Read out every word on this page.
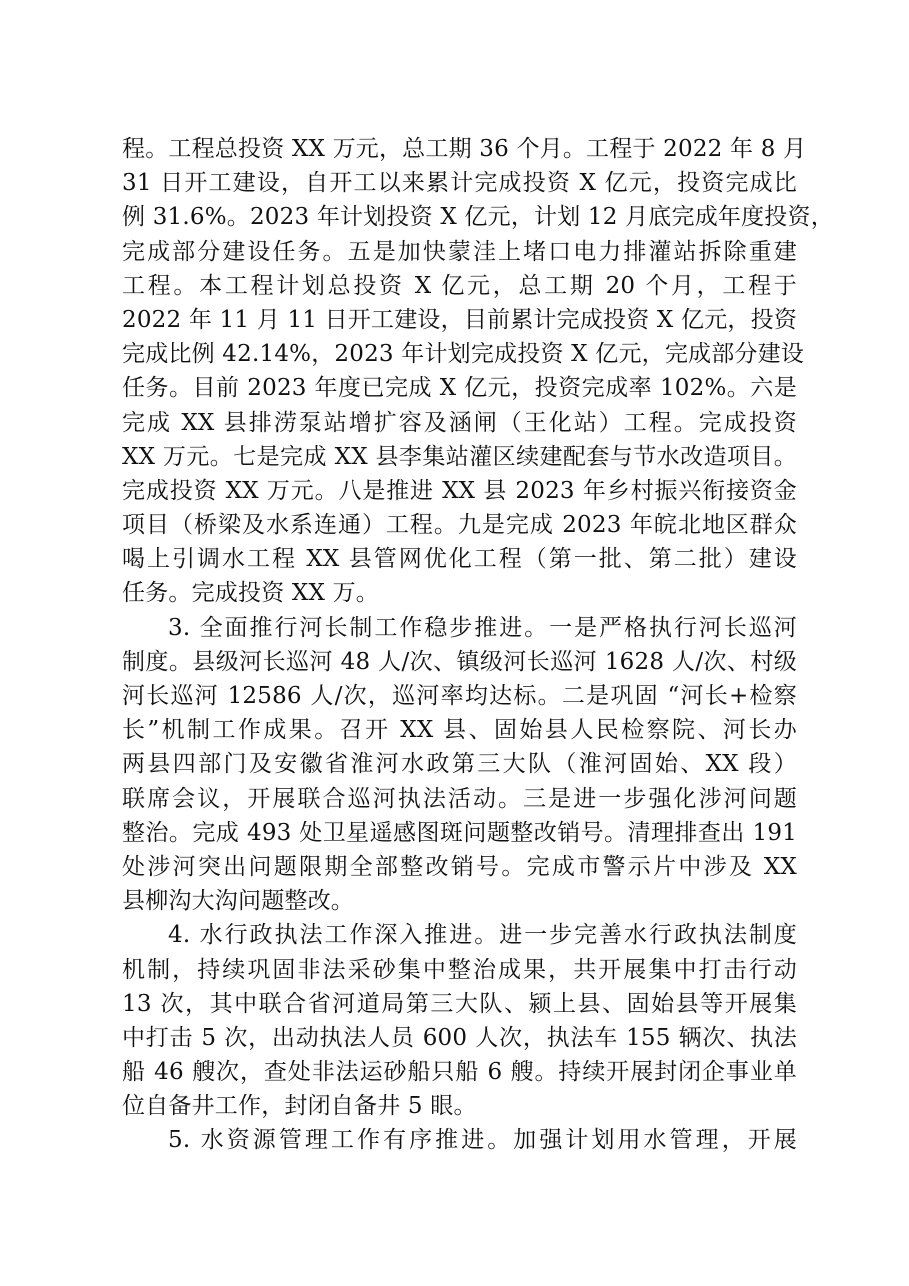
程。工程总投资 XX 万元，总工期 36 个月。工程于 2022 年 8 月
31 日开工建设，自开工以来累计完成投资 X 亿元，投资完成比
例 31.6%。2023 年计划投资 X 亿元，计划 12 月底完成年度投资，
完成部分建设任务。五是加快蒙洼上堵口电力排灌站拆除重建
工程。本工程计划总投资 X 亿元，总工期 20 个月，工程于
2022 年 11 月 11 日开工建设，目前累计完成投资 X 亿元，投资
完成比例 42.14%，2023 年计划完成投资 X 亿元，完成部分建设
任务。目前 2023 年度已完成 X 亿元，投资完成率 102%。六是
完成 XX 县排涝泵站增扩容及涵闸（王化站）工程。完成投资
XX 万元。七是完成 XX 县李集站灌区续建配套与节水改造项目。
完成投资 XX 万元。八是推进 XX 县 2023 年乡村振兴衔接资金
项目（桥梁及水系连通）工程。九是完成 2023 年皖北地区群众
喝上引调水工程 XX 县管网优化工程（第一批、第二批）建设
任务。完成投资 XX 万。
3. 全面推行河长制工作稳步推进。一是严格执行河长巡河
制度。县级河长巡河 48 人/次、镇级河长巡河 1628 人/次、村级
河长巡河 12586 人/次，巡河率均达标。二是巩固 “河长+检察
长”机制工作成果。召开 XX 县、固始县人民检察院、河长办
两县四部门及安徽省淮河水政第三大队（淮河固始、XX 段）
联席会议，开展联合巡河执法活动。三是进一步强化涉河问题
整治。完成 493 处卫星遥感图斑问题整改销号。清理排查出 191
处涉河突出问题限期全部整改销号。完成市警示片中涉及 XX
县柳沟大沟问题整改。
4. 水行政执法工作深入推进。进一步完善水行政执法制度
机制，持续巩固非法采砂集中整治成果，共开展集中打击行动
13 次，其中联合省河道局第三大队、颍上县、固始县等开展集
中打击 5 次，出动执法人员 600 人次，执法车 155 辆次、执法
船 46 艘次，查处非法运砂船只船 6 艘。持续开展封闭企事业单
位自备井工作，封闭自备井 5 眼。
5. 水资源管理工作有序推进。加强计划用水管理，开展
